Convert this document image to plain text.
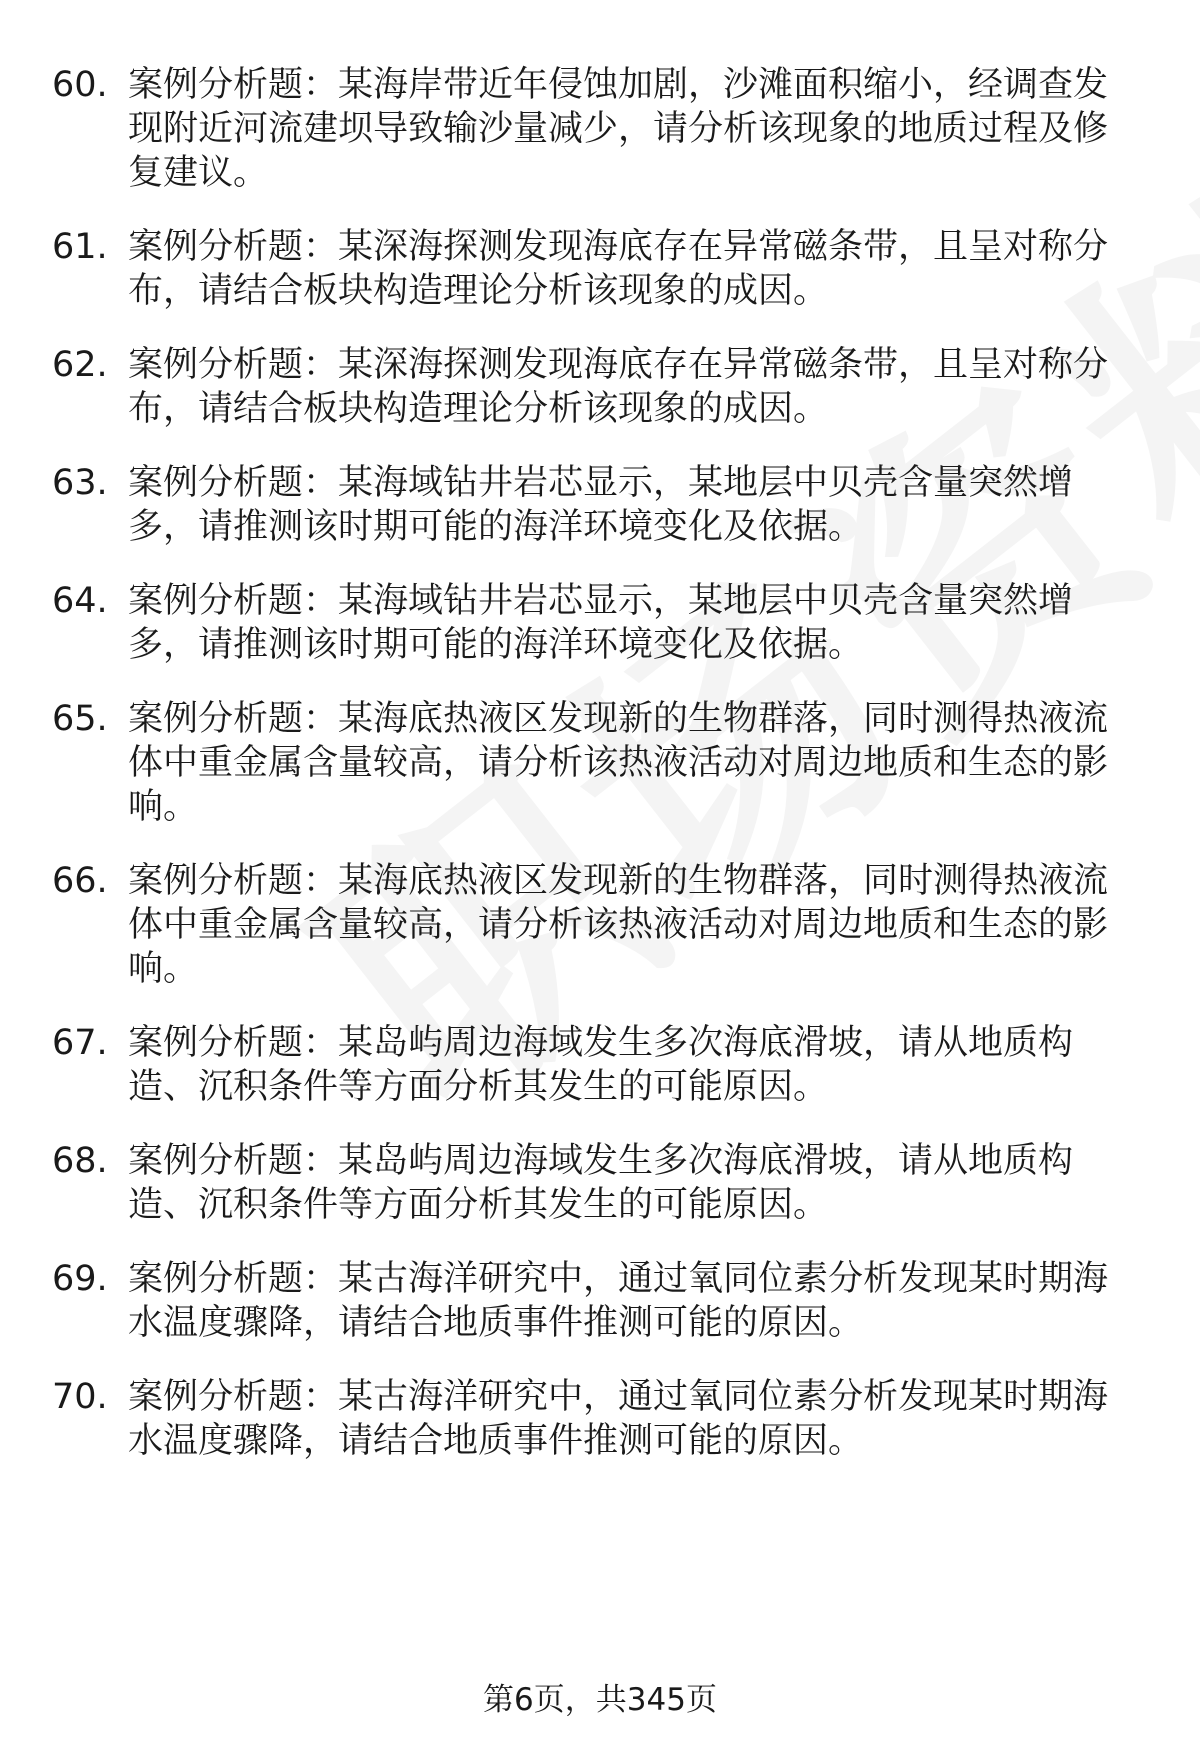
60. 案例分析题：某海岸带近年侵蚀加剧，沙滩面积缩小，经调查发现附近河流建坝导致输沙量减少，请分析该现象的地质过程及修复建议。
61. 案例分析题：某深海探测发现海底存在异常磁条带，且呈对称分布，请结合板块构造理论分析该现象的成因。
62. 案例分析题：某深海探测发现海底存在异常磁条带，且呈对称分布，请结合板块构造理论分析该现象的成因。
63. 案例分析题：某海域钻井岩芯显示，某地层中贝壳含量突然增多，请推测该时期可能的海洋环境变化及依据。
64. 案例分析题：某海域钻井岩芯显示，某地层中贝壳含量突然增多，请推测该时期可能的海洋环境变化及依据。
65. 案例分析题：某海底热液区发现新的生物群落，同时测得热液流体中重金属含量较高，请分析该热液活动对周边地质和生态的影响。
66. 案例分析题：某海底热液区发现新的生物群落，同时测得热液流体中重金属含量较高，请分析该热液活动对周边地质和生态的影响。
67. 案例分析题：某岛屿周边海域发生多次海底滑坡，请从地质构造、沉积条件等方面分析其发生的可能原因。
68. 案例分析题：某岛屿周边海域发生多次海底滑坡，请从地质构造、沉积条件等方面分析其发生的可能原因。
69. 案例分析题：某古海洋研究中，通过氧同位素分析发现某时期海水温度骤降，请结合地质事件推测可能的原因。
70. 案例分析题：某古海洋研究中，通过氧同位素分析发现某时期海水温度骤降，请结合地质事件推测可能的原因。
第6页，共345页
